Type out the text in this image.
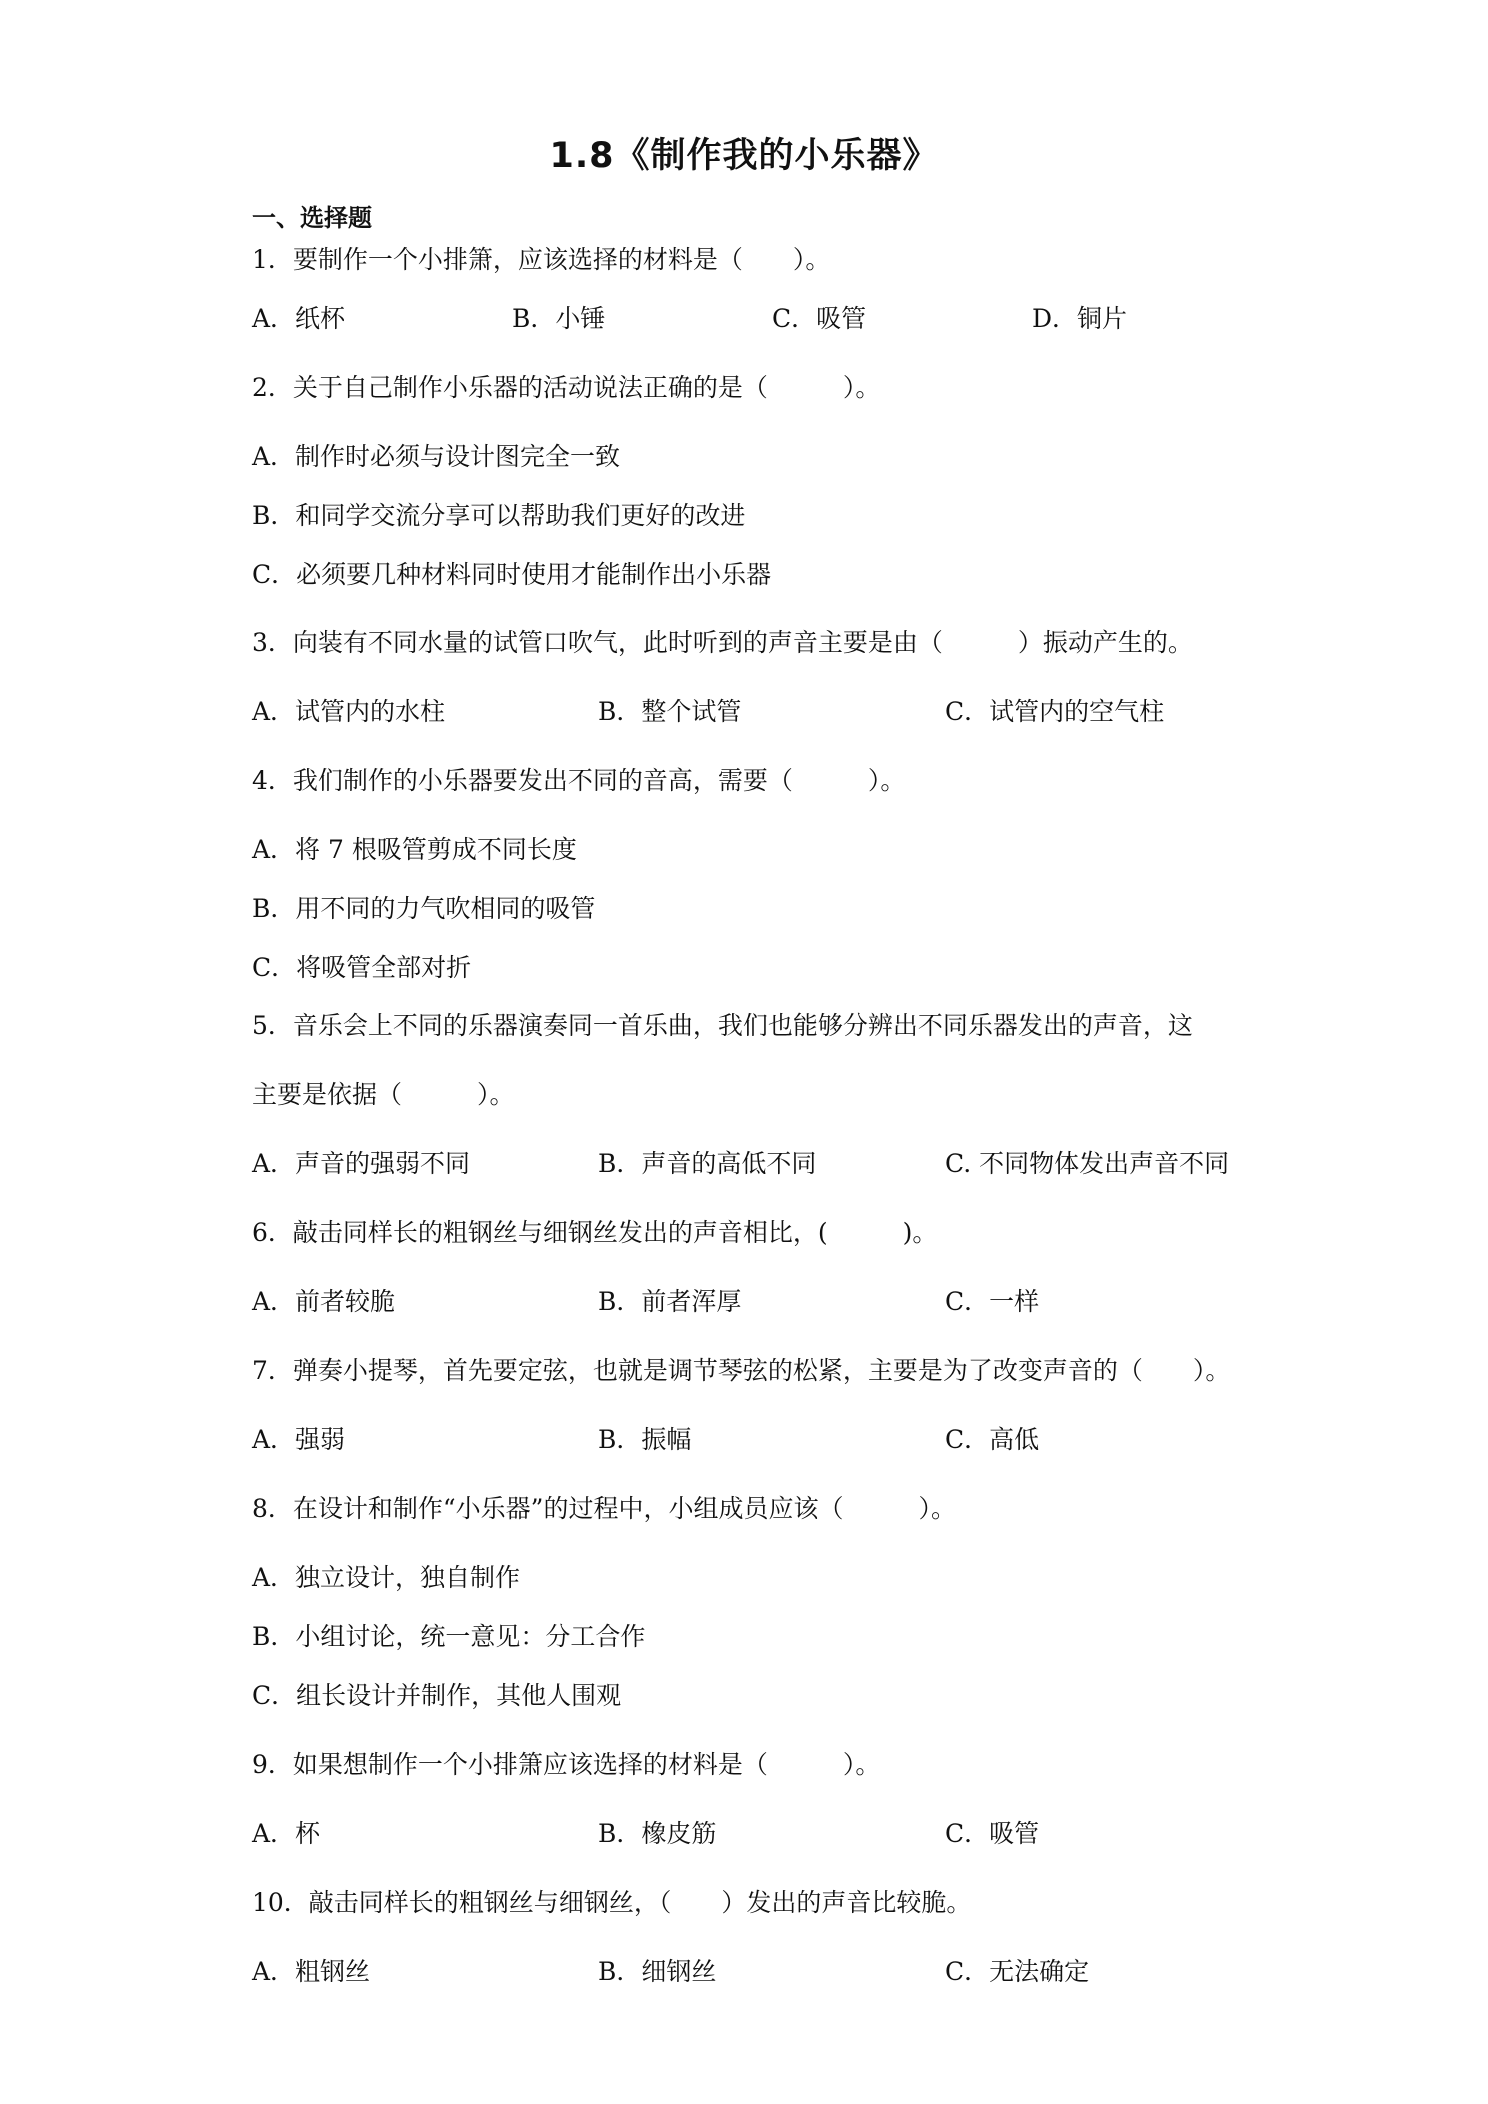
1.8《制作我的小乐器》
一、选择题
1．要制作一个小排箫，应该选择的材料是（　　）。
A．纸杯	B．小锤	C．吸管	D．铜片
2．关于自己制作小乐器的活动说法正确的是（　　　）。
A．制作时必须与设计图完全一致
B．和同学交流分享可以帮助我们更好的改进
C．必须要几种材料同时使用才能制作出小乐器
3．向装有不同水量的试管口吹气，此时听到的声音主要是由（　　　）振动产生的。
A．试管内的水柱	B．整个试管	C．试管内的空气柱
4．我们制作的小乐器要发出不同的音高，需要（　　　）。
A．将 7 根吸管剪成不同长度
B．用不同的力气吹相同的吸管
C．将吸管全部对折
5．音乐会上不同的乐器演奏同一首乐曲，我们也能够分辨出不同乐器发出的声音，这
主要是依据（　　　）。
A．声音的强弱不同	B．声音的高低不同	C. 不同物体发出声音不同
6．敲击同样长的粗钢丝与细钢丝发出的声音相比，(　　　)。
A．前者较脆	B．前者浑厚	C．一样
7．弹奏小提琴，首先要定弦，也就是调节琴弦的松紧，主要是为了改变声音的（　　）。
A．强弱	B．振幅	C．高低
8．在设计和制作“小乐器”的过程中，小组成员应该（　　　）。
A．独立设计，独自制作
B．小组讨论，统一意见：分工合作
C．组长设计并制作，其他人围观
9．如果想制作一个小排箫应该选择的材料是（　　　）。
A．杯	B．橡皮筋	C．吸管
10．敲击同样长的粗钢丝与细钢丝，（　　）发出的声音比较脆。
A．粗钢丝	B．细钢丝	C．无法确定
